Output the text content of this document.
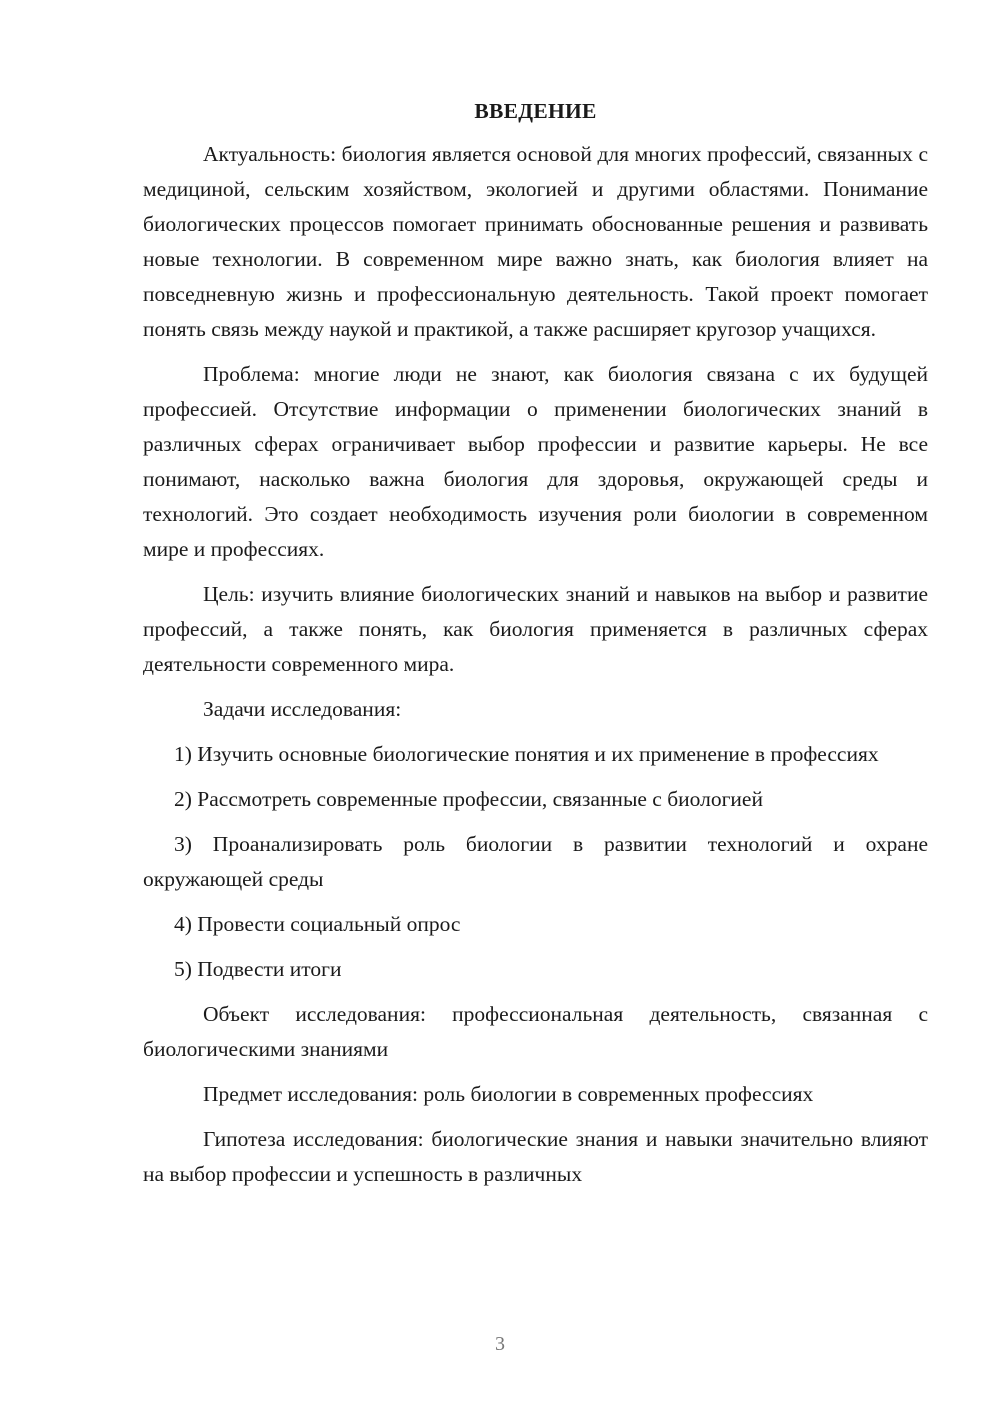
ВВЕДЕНИЕ

Актуальность: биология является основой для многих профессий, связанных с медициной, сельским хозяйством, экологией и другими областями. Понимание биологических процессов помогает принимать обоснованные решения и развивать новые технологии. В современном мире важно знать, как биология влияет на повседневную жизнь и профессиональную деятельность. Такой проект помогает понять связь между наукой и практикой, а также расширяет кругозор учащихся.

Проблема: многие люди не знают, как биология связана с их будущей профессией. Отсутствие информации о применении биологических знаний в различных сферах ограничивает выбор профессии и развитие карьеры. Не все понимают, насколько важна биология для здоровья, окружающей среды и технологий. Это создает необходимость изучения роли биологии в современном мире и профессиях.

Цель: изучить влияние биологических знаний и навыков на выбор и развитие профессий, а также понять, как биология применяется в различных сферах деятельности современного мира.

Задачи исследования:

1) Изучить основные биологические понятия и их применение в профессиях

2) Рассмотреть современные профессии, связанные с биологией

3) Проанализировать роль биологии в развитии технологий и охране окружающей среды

4) Провести социальный опрос

5) Подвести итоги

Объект исследования: профессиональная деятельность, связанная с биологическими знаниями

Предмет исследования: роль биологии в современных профессиях

Гипотеза исследования: биологические знания и навыки значительно влияют на выбор профессии и успешность в различных

3
